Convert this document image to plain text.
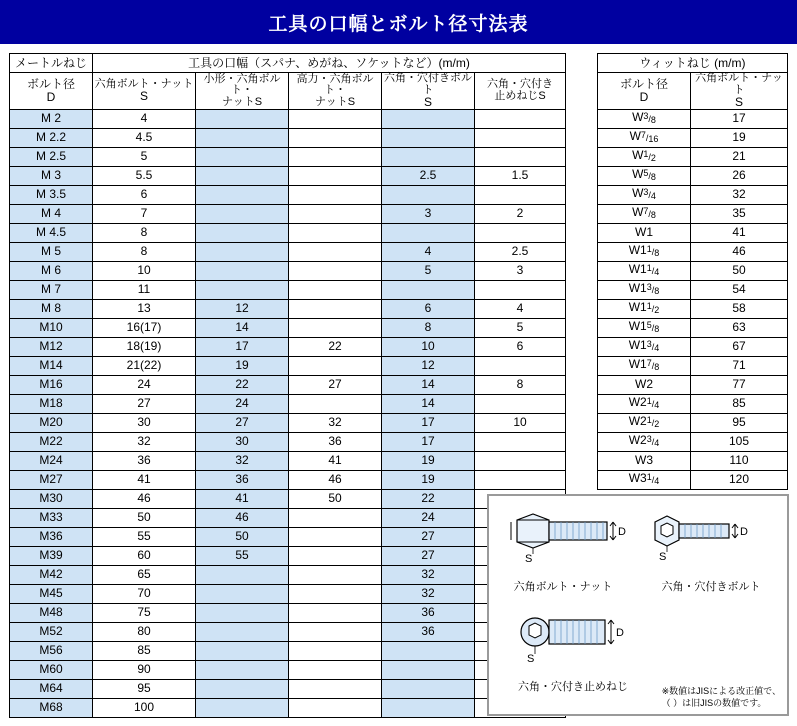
工具の口幅とボルト径寸法表
メートルねじ	工具の口幅（スパナ、めがね、ソケットなど）(m/m)				

ボルト径
D

六角ボルト・ナット
S

小形・六角ボルト・
ナットS

高力・六角ボルト・
ナットS

六角・穴付きボルト
S

六角・穴付き
止めねじS

M 2	4				
M 2.2	4.5				
M 2.5	5				
M 3	5.5			2.5	1.5
M 3.5	6				
M 4	7			3	2
M 4.5	8				
M 5	8			4	2.5
M 6	10			5	3
M 7	11				
M 8	13	12		6	4
M10	16(17)	14		8	5
M12	18(19)	17	22	10	6
M14	21(22)	19		12	
M16	24	22	27	14	8
M18	27	24		14	
M20	30	27	32	17	10
M22	32	30	36	17	
M24	36	32	41	19	
M27	41	36	46	19	
M30	46	41	50	22	
M33	50	46		24	
M36	55	50		27	
M39	60	55		27	
M42	65			32	
M45	70			32	
M48	75			36	
M52	80			36	
M56	85				
M60	90				
M64	95				
M68	100				
ウィットねじ (m/m)	

ボルト径
D

六角ボルト・ナット
S

W3/8	17
W7/16	19
W1/2	21
W5/8	26
W3/4	32
W7/8	35
W1	41
W11/8	46
W11/4	50
W13/8	54
W11/2	58
W15/8	63
W13/4	67
W17/8	71
W2	77
W21/4	85
W21/2	95
W23/4	105
W3	110
W31/4	120
D
S
D
S
六角ボルト・ナット	六角・穴付きボルト
D
S
六角・穴付き止めねじ	※数値はJISによる改正値で、
（ ）は旧JISの数値です。
